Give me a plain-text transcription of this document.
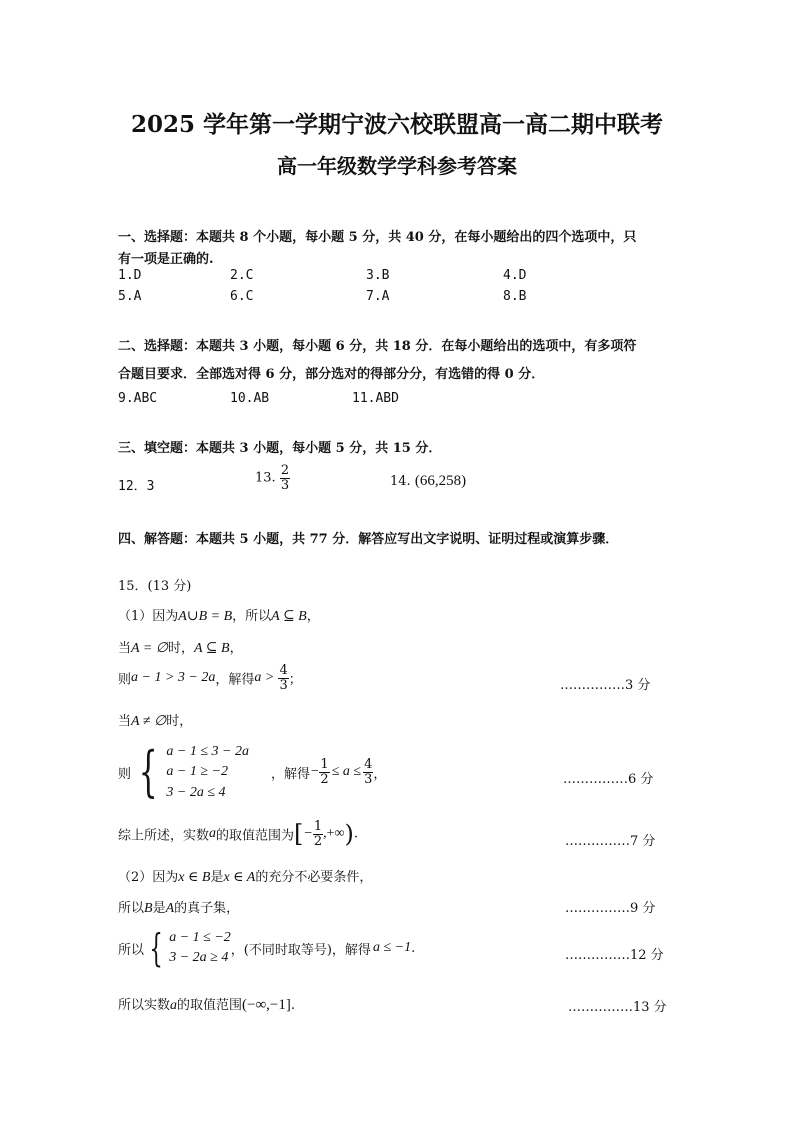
2025 学年第一学期宁波六校联盟高一高二期中联考
高一年级数学学科参考答案
一、选择题：本题共 8 个小题，每小题 5 分，共 40 分，在每小题给出的四个选项中，只
有一项是正确的.
1.D	2.C	3.B	4.D
5.A	6.C	7.A	8.B
二、选择题：本题共 3 小题，每小题 6 分，共 18 分．在每小题给出的选项中，有多项符
合题目要求．全部选对得 6 分，部分选对的得部分分，有选错的得 0 分．
9.ABC	10.AB	11.ABD
三、填空题：本题共 3 小题，每小题 5 分，共 15 分．
12．3
13. $\frac{2}{3}$	14. (66,258)
四、解答题：本题共 5 小题，共 77 分．解答应写出文字说明、证明过程或演算步骤．
15．(13 分)
（1）因为A∪B = B，所以A ⊆ B，
当A = ∅时，A ⊆ B，
则a − 1 > 3 − 2a，解得$a > \frac{4}{3}$ ；	……………3 分
当A ≠ ∅时，
则 { a − 1 ≤ 3 − 2a
a − 1 ≥ −2
3 − 2a ≤ 4
，解得 − $\frac{1}{2} \le a \le \frac{4}{3}$ ，	……………6 分
综上所述，实数a的取值范围为[− $\frac{1}{2}$ ,+∞).	……………7 分
（2）因为x ∈ B是x ∈ A的充分不必要条件，
所以B是A的真子集，	……………9 分
所以 { a − 1 ≤ −2
3 − 2a ≥ 4 ，(不同时取等号)，解得 a ≤ −1 .	……………12 分
所以实数a的取值范围(−∞,−1].	……………13 分
